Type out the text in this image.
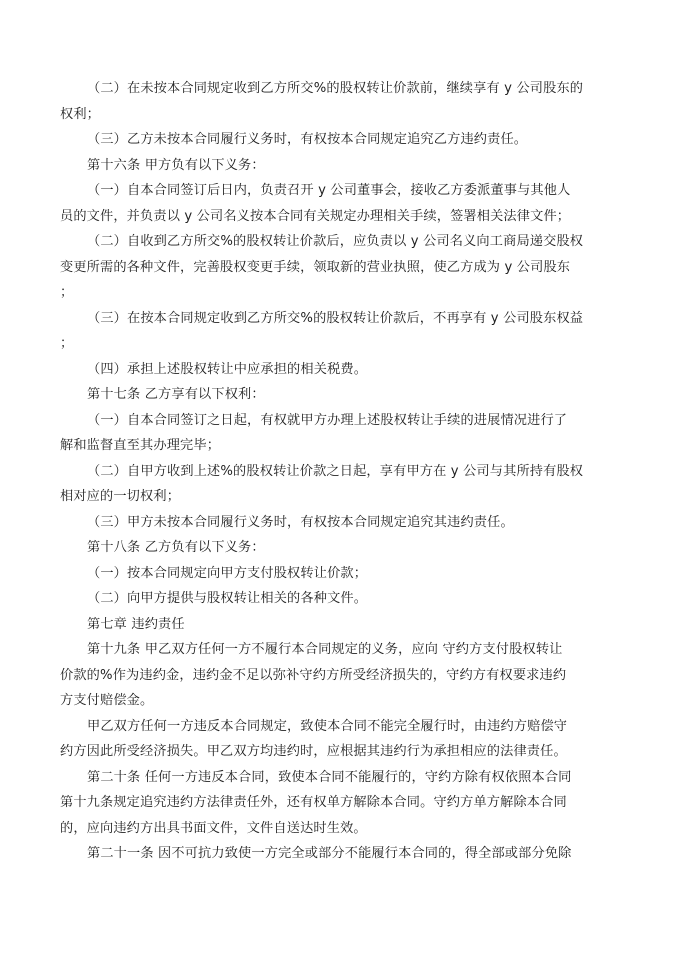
（二）在未按本合同规定收到乙方所交%的股权转让价款前，继续享有 y 公司股东的
权利；
（三）乙方未按本合同履行义务时，有权按本合同规定追究乙方违约责任。
第十六条 甲方负有以下义务：
（一）自本合同签订后日内，负责召开 y 公司董事会，接收乙方委派董事与其他人
员的文件，并负责以 y 公司名义按本合同有关规定办理相关手续，签署相关法律文件；
（二）自收到乙方所交%的股权转让价款后，应负责以 y 公司名义向工商局递交股权
变更所需的各种文件，完善股权变更手续，领取新的营业执照，使乙方成为 y 公司股东
；
（三）在按本合同规定收到乙方所交%的股权转让价款后，不再享有 y 公司股东权益
；
（四）承担上述股权转让中应承担的相关税费。
第十七条 乙方享有以下权利：
（一）自本合同签订之日起，有权就甲方办理上述股权转让手续的进展情况进行了
解和监督直至其办理完毕；
（二）自甲方收到上述%的股权转让价款之日起，享有甲方在 y 公司与其所持有股权
相对应的一切权利；
（三）甲方未按本合同履行义务时，有权按本合同规定追究其违约责任。
第十八条 乙方负有以下义务：
（一）按本合同规定向甲方支付股权转让价款；
（二）向甲方提供与股权转让相关的各种文件。
第七章 违约责任
第十九条 甲乙双方任何一方不履行本合同规定的义务，应向 守约方支付股权转让
价款的%作为违约金，违约金不足以弥补守约方所受经济损失的，守约方有权要求违约
方支付赔偿金。
甲乙双方任何一方违反本合同规定，致使本合同不能完全履行时，由违约方赔偿守
约方因此所受经济损失。甲乙双方均违约时，应根据其违约行为承担相应的法律责任。
第二十条 任何一方违反本合同，致使本合同不能履行的，守约方除有权依照本合同
第十九条规定追究违约方法律责任外，还有权单方解除本合同。守约方单方解除本合同
的，应向违约方出具书面文件，文件自送达时生效。
第二十一条 因不可抗力致使一方完全或部分不能履行本合同的，得全部或部分免除
